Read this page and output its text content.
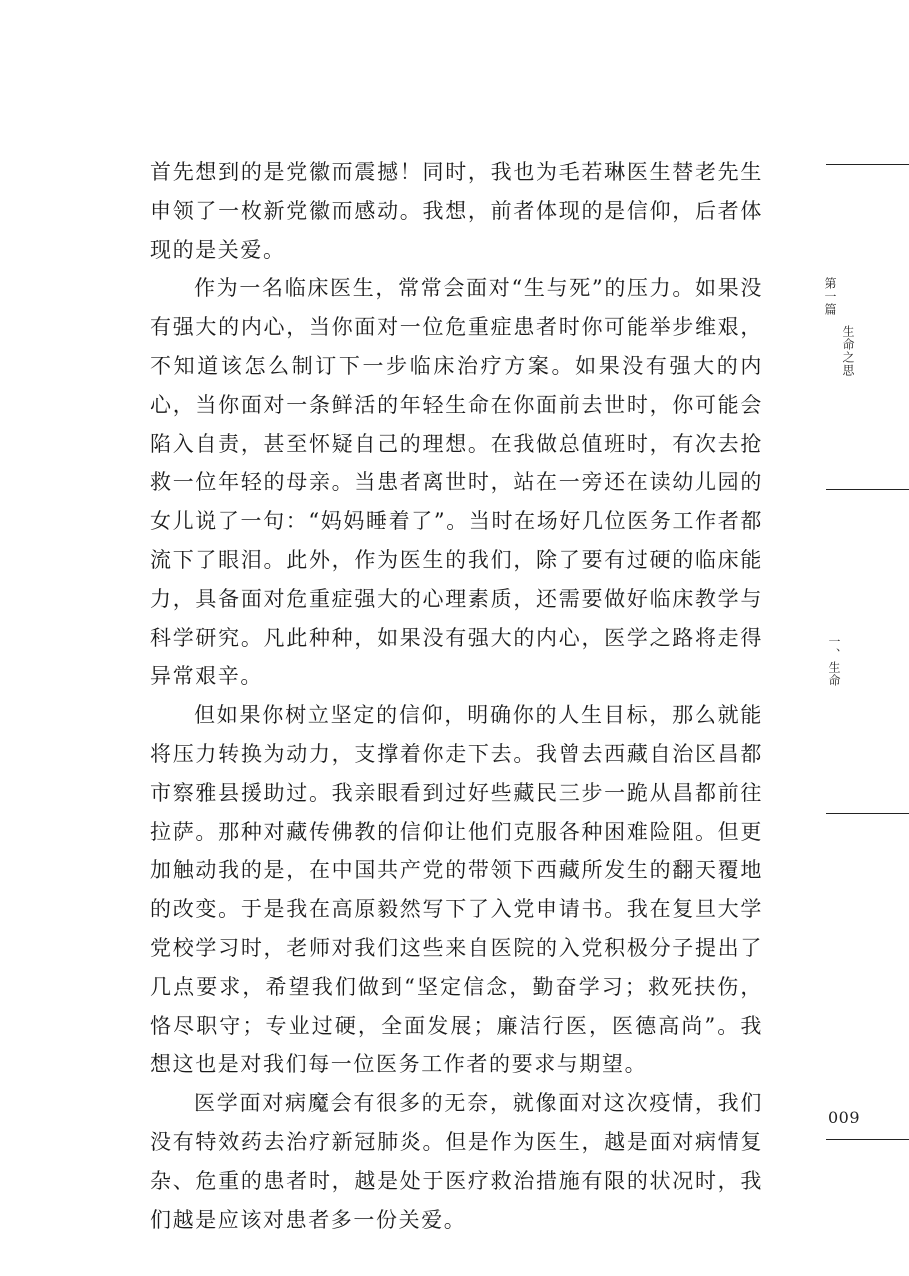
首先想到的是党徽而震撼！同时，我也为毛若琳医生替老先生申领了一枚新党徽而感动。我想，前者体现的是信仰，后者体现的是关爱。

作为一名临床医生，常常会面对“生与死”的压力。如果没有强大的内心，当你面对一位危重症患者时你可能举步维艰，不知道该怎么制订下一步临床治疗方案。如果没有强大的内心，当你面对一条鲜活的年轻生命在你面前去世时，你可能会陷入自责，甚至怀疑自己的理想。在我做总值班时，有次去抢救一位年轻的母亲。当患者离世时，站在一旁还在读幼儿园的女儿说了一句：“妈妈睡着了”。当时在场好几位医务工作者都流下了眼泪。此外，作为医生的我们，除了要有过硬的临床能力，具备面对危重症强大的心理素质，还需要做好临床教学与科学研究。凡此种种，如果没有强大的内心，医学之路将走得异常艰辛。

但如果你树立坚定的信仰，明确你的人生目标，那么就能将压力转换为动力，支撑着你走下去。我曾去西藏自治区昌都市察雅县援助过。我亲眼看到过好些藏民三步一跪从昌都前往拉萨。那种对藏传佛教的信仰让他们克服各种困难险阻。但更加触动我的是，在中国共产党的带领下西藏所发生的翻天覆地的改变。于是我在高原毅然写下了入党申请书。我在复旦大学党校学习时，老师对我们这些来自医院的入党积极分子提出了几点要求，希望我们做到“坚定信念，勤奋学习；救死扶伤，恪尽职守；专业过硬，全面发展；廉洁行医，医德高尚”。我想这也是对我们每一位医务工作者的要求与期望。

医学面对病魔会有很多的无奈，就像面对这次疫情，我们没有特效药去治疗新冠肺炎。但是作为医生，越是面对病情复杂、危重的患者时，越是处于医疗救治措施有限的状况时，我们越是应该对患者多一份关爱。

第一篇
生命之思
一、生命
009
